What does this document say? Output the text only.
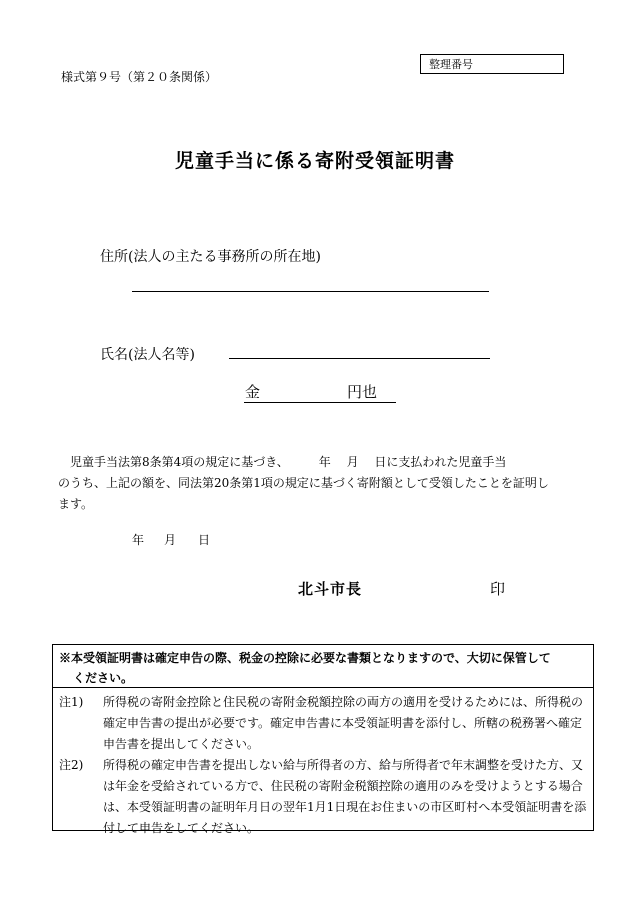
様式第９号（第２０条関係）
整理番号
児童手当に係る寄附受領証明書
住所(法人の主たる事務所の所在地)
氏名(法人名等)
金	円也
児童手当法第8条第4項の規定に基づき、　　　年　 月　 日に支払われた児童手当
のうち、上記の額を、同法第20条第1項の規定に基づく寄附額として受領したことを証明し
ます。
年 月 日
北斗市長	印
※本受領証明書は確定申告の際、税金の控除に必要な書類となりますので、大切に保管して
ください。
注1) 所得税の寄附金控除と住民税の寄附金税額控除の両方の適用を受けるためには、所得税の確定申告書の提出が必要です。確定申告書に本受領証明書を添付し、所轄の税務署へ確定申告書を提出してください。
注2) 所得税の確定申告書を提出しない給与所得者の方、給与所得者で年末調整を受けた方、又は年金を受給されている方で、住民税の寄附金税額控除の適用のみを受けようとする場合は、本受領証明書の証明年月日の翌年1月1日現在お住まいの市区町村へ本受領証明書を添付して申告をしてください。
